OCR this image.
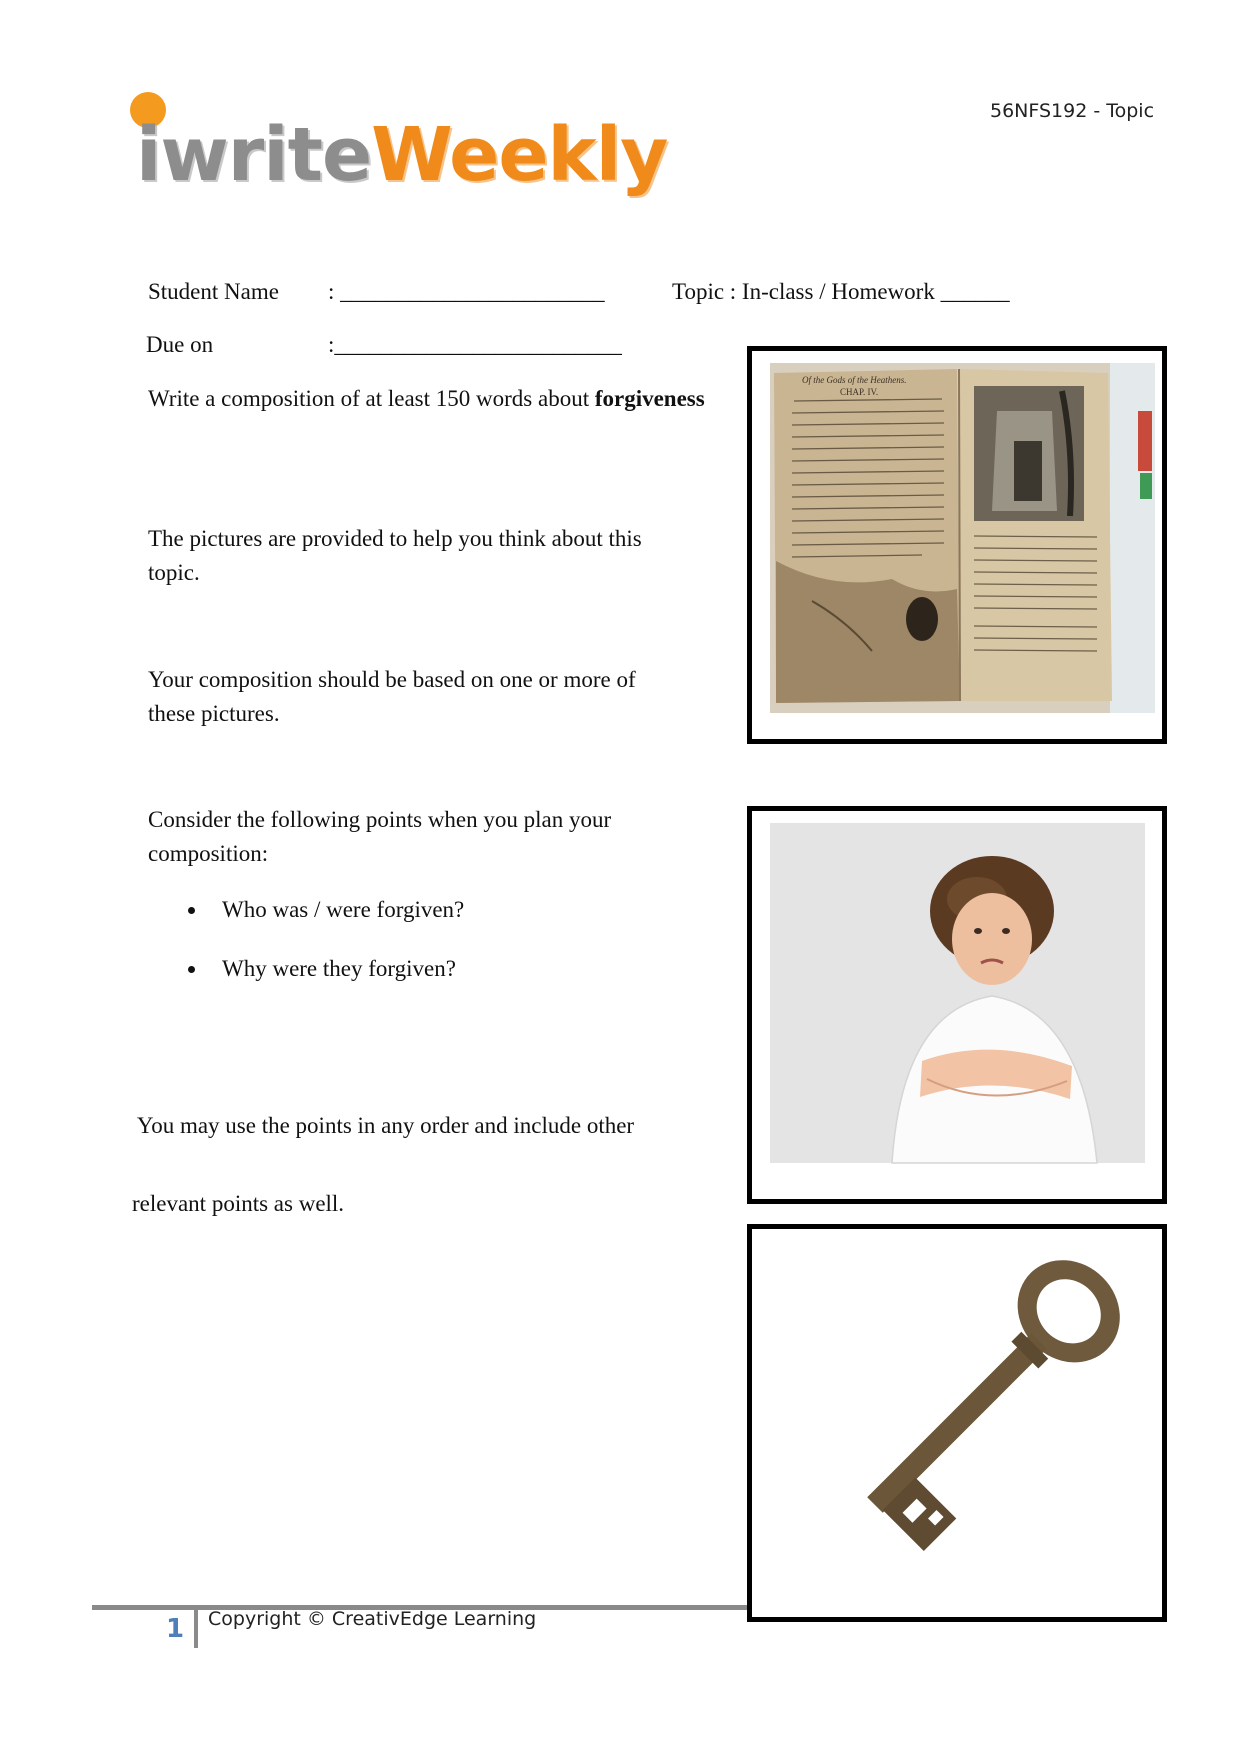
iwriteWeekly
56NFS192 - Topic
Student Name : _______________________	Topic : In-class / Homework ______
Due on	:_________________________
Write a composition of at least 150 words about forgiveness
The pictures are provided to help you think about this
topic.
Your composition should be based on one or more of
these pictures.
Consider the following points when you plan your
composition:
Who was / were forgiven?
Why were they forgiven?
You may use the points in any order and include other
relevant points as well.
Of the Gods of the Heathens.
CHAP. IV.
1 Copyright © CreativEdge Learning
